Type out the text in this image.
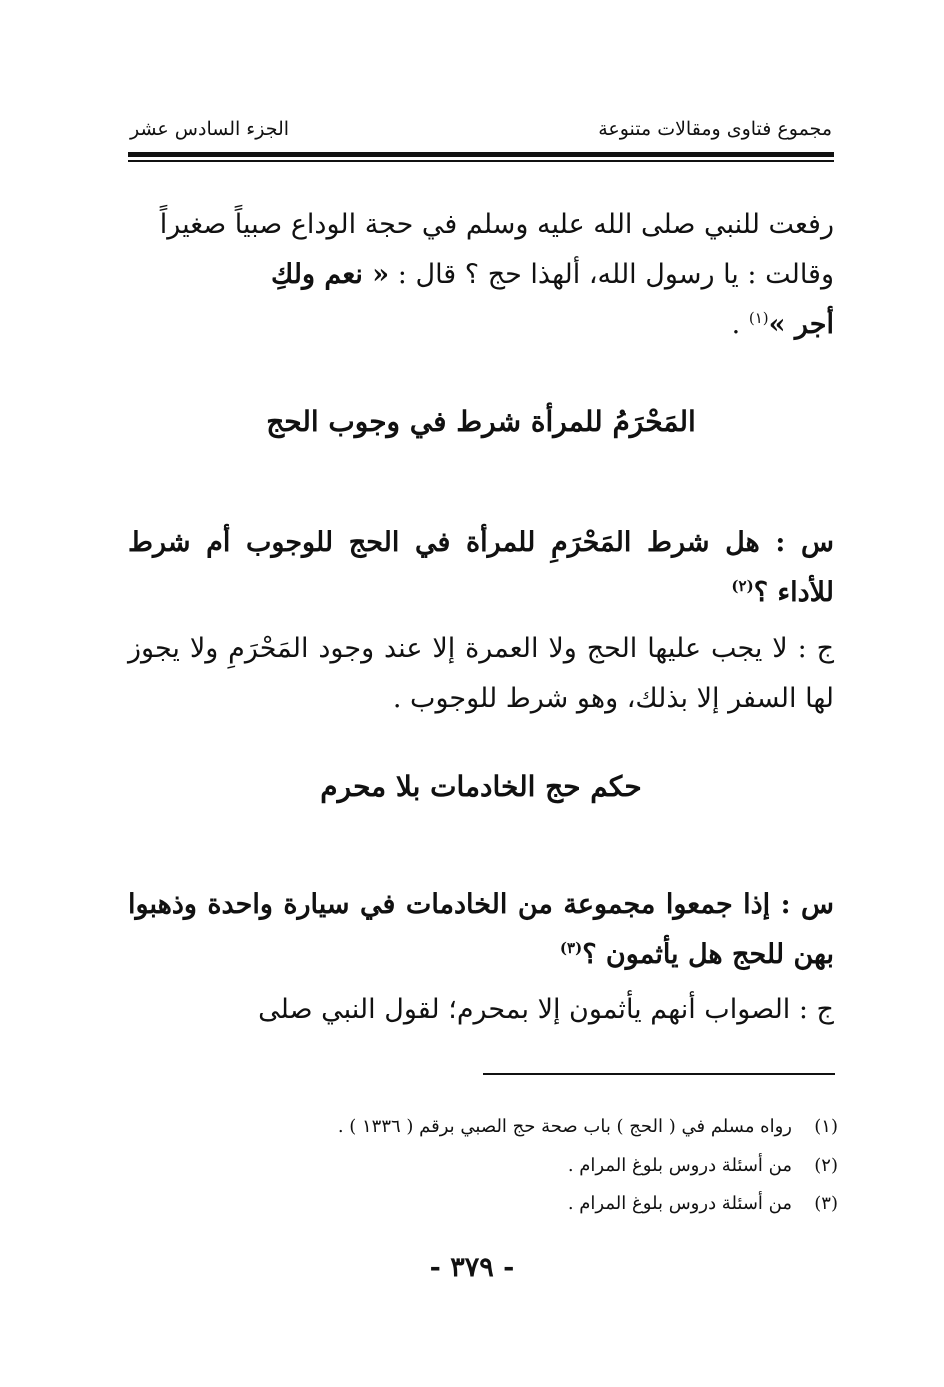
مجموع فتاوى ومقالات متنوعة
الجزء السادس عشر
رفعت للنبي صلى الله عليه وسلم في حجة الوداع صبياً صغيراً
وقالت : يا رسول الله، ألهذا حج ؟ قال : « نعم ولكِ
أجر »$^{(١)}$ .
المَحْرَمُ للمرأة شرط في وجوب الحج
س : هل شرط المَحْرَمِ للمرأة في الحج للوجوب أم شرط للأداء ؟$^{(٢)}$
ج : لا يجب عليها الحج ولا العمرة إلا عند وجود المَحْرَمِ ولا يجوز لها السفر إلا بذلك، وهو شرط للوجوب .
حكم حج الخادمات بلا محرم
س : إذا جمعوا مجموعة من الخادمات في سيارة واحدة وذهبوا بهن للحج هل يأثمون ؟$^{(٣)}$
ج : الصواب أنهم يأثمون إلا بمحرم؛ لقول النبي صلى
(١)
رواه مسلم في ( الحج ) باب صحة حج الصبي برقم ( ١٣٣٦ ) .
(٢)
من أسئلة دروس بلوغ المرام .
(٣)
من أسئلة دروس بلوغ المرام .
- ٣٧٩ -
